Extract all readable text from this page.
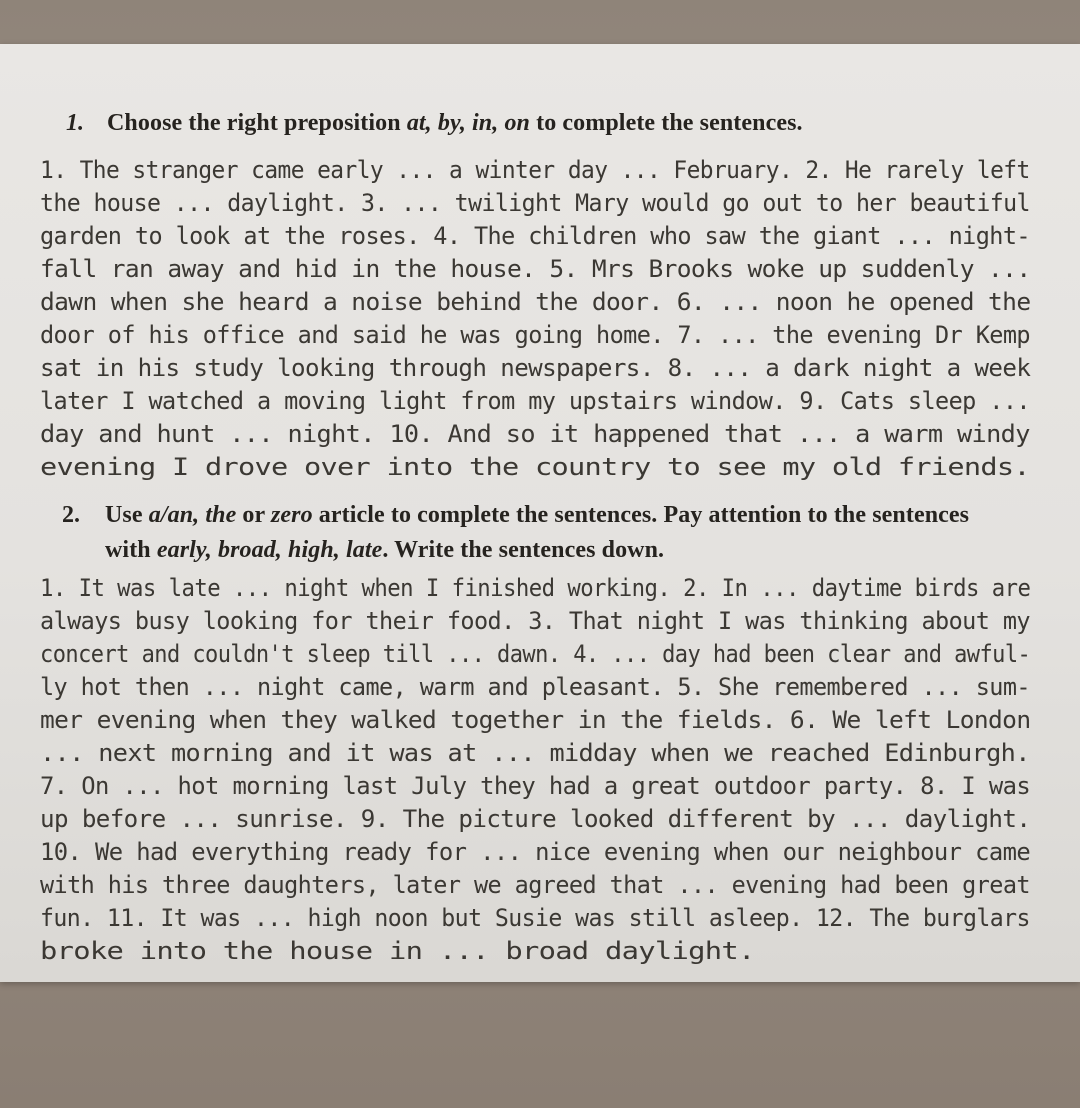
1. Choose the right preposition at, by, in, on to complete the sentences.
1. The stranger came early ... a winter day ... February. 2. He rarely left
the house ... daylight. 3. ... twilight Mary would go out to her beautiful
garden to look at the roses. 4. The children who saw the giant ... night-
fall ran away and hid in the house. 5. Mrs Brooks woke up suddenly ...
dawn when she heard a noise behind the door. 6. ... noon he opened the
door of his office and said he was going home. 7. ... the evening Dr Kemp
sat in his study looking through newspapers. 8. ... a dark night a week
later I watched a moving light from my upstairs window. 9. Cats sleep ...
day and hunt ... night. 10. And so it happened that ... a warm windy
evening I drove over into the country to see my old friends.
2. Use a/an, the or zero article to complete the sentences. Pay attention to the sentences
with early, broad, high, late. Write the sentences down.
1. It was late ... night when I finished working. 2. In ... daytime birds are
always busy looking for their food. 3. That night I was thinking about my
concert and couldn't sleep till ... dawn. 4. ... day had been clear and awful-
ly hot then ... night came, warm and pleasant. 5. She remembered ... sum-
mer evening when they walked together in the fields. 6. We left London
... next morning and it was at ... midday when we reached Edinburgh.
7. On ... hot morning last July they had a great outdoor party. 8. I was
up before ... sunrise. 9. The picture looked different by ... daylight.
10. We had everything ready for ... nice evening when our neighbour came
with his three daughters, later we agreed that ... evening had been great
fun. 11. It was ... high noon but Susie was still asleep. 12. The burglars
broke into the house in ... broad daylight.
